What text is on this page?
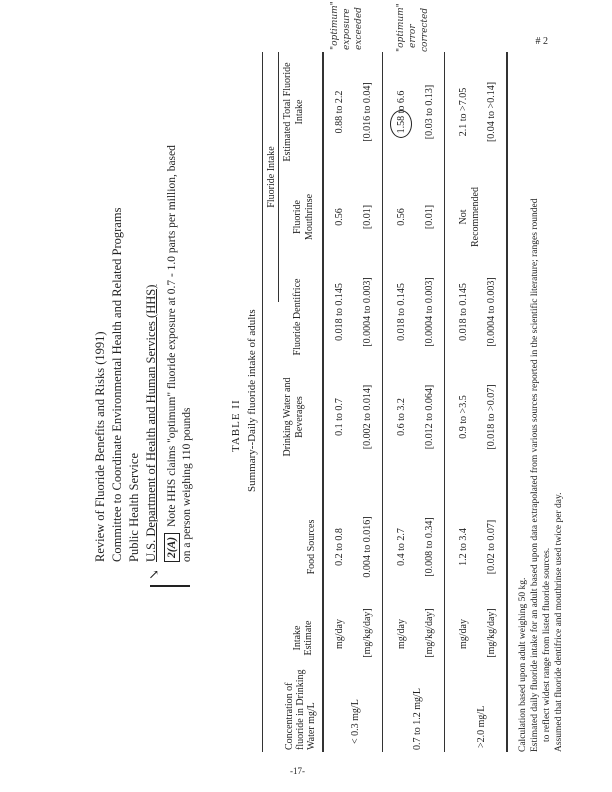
# 2
-17-
Review of Fluoride Benefits and Risks (1991) Committee to Coordinate Environmental Health and Related Programs Public Health Service U.S. Department of Health and Human Services (HHS)
↘
2(A)Note HHS claims "optimum" fluoride exposure at 0.7 - 1.0 parts per million, based on a person weighing 110 pounds	TABLE II Summary--Daily fluoride intake of adults
Fluoride Intake
Concentration of fluoride in Drinking Water mg/L
Intake Estimate
Food Sources
Drinking Water and Beverages
Fluoride Dentifrice
Fluoride Mouthrinse
Estimated Total Fluoride Intake
< 0.3 mg/L
mg/day [mg/kg/day]
0.2 to 0.8 0.004 to 0.016]
0.1 to 0.7 [0.002 to 0.014]
0.018 to 0.145 [0.0004 to 0.003]
0.56 [0.01]
0.88 to 2.2 [0.016 to 0.04]
0.7 to 1.2 mg/L
mg/day [mg/kg/day]
0.4 to 2.7 [0.008 to 0.34]
0.6 to 3.2 [0.012 to 0.064]
0.018 to 0.145 [0.0004 to 0.003]
0.56 [0.01]
1.58 to 6.6 [0.03 to 0.13]
>2.0 mg/L
mg/day [mg/kg/day]
1.2 to 3.4 [0.02 to 0.07]
0.9 to >3.5 [0.018 to >0.07]
0.018 to 0.145 [0.0004 to 0.003]
Not Recommended
2.1 to >7.05 [0.04 to >0.14]
Calculation based upon adult weighing 50 kg. Estimated daily fluoride intake for an adult based upon data extrapolated from various sources reported in the scientific literature; ranges rounded to reflect widest range from listed fluoride sources. Assumed that fluoride dentifrice and mouthrinse used twice per day.
"optimum" exposure exceeded	"optimum" error corrected
